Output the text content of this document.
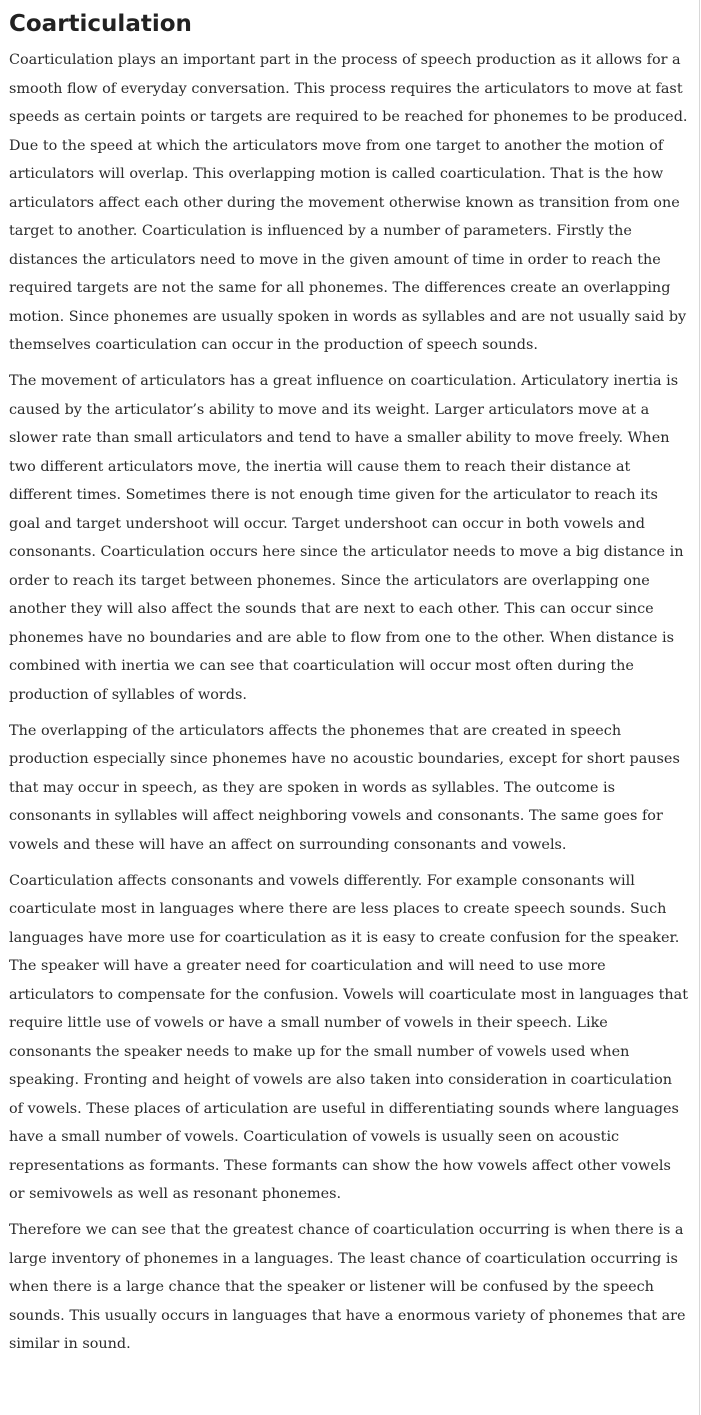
Coarticulation

Coarticulation plays an important part in the process of speech production as it allows for a smooth flow of everyday conversation. This process requires the articulators to move at fast speeds as certain points or targets are required to be reached for phonemes to be produced. Due to the speed at which the articulators move from one target to another the motion of articulators will overlap. This overlapping motion is called coarticulation. That is the how articulators affect each other during the movement otherwise known as transition from one target to another. Coarticulation is influenced by a number of parameters. Firstly the distances the articulators need to move in the given amount of time in order to reach the required targets are not the same for all phonemes. The differences create an overlapping motion. Since phonemes are usually spoken in words as syllables and are not usually said by themselves coarticulation can occur in the production of speech sounds.

The movement of articulators has a great influence on coarticulation. Articulatory inertia is caused by the articulator’s ability to move and its weight. Larger articulators move at a slower rate than small articulators and tend to have a smaller ability to move freely. When two different articulators move, the inertia will cause them to reach their distance at different times. Sometimes there is not enough time given for the articulator to reach its goal and target undershoot will occur. Target undershoot can occur in both vowels and consonants. Coarticulation occurs here since the articulator needs to move a big distance in order to reach its target between phonemes. Since the articulators are overlapping one another they will also affect the sounds that are next to each other. This can occur since phonemes have no boundaries and are able to flow from one to the other. When distance is combined with inertia we can see that coarticulation will occur most often during the production of syllables of words.

The overlapping of the articulators affects the phonemes that are created in speech production especially since phonemes have no acoustic boundaries, except for short pauses that may occur in speech, as they are spoken in words as syllables. The outcome is consonants in syllables will affect neighboring vowels and consonants. The same goes for vowels and these will have an affect on surrounding consonants and vowels.

Coarticulation affects consonants and vowels differently. For example consonants will coarticulate most in languages where there are less places to create speech sounds. Such languages have more use for coarticulation as it is easy to create confusion for the speaker. The speaker will have a greater need for coarticulation and will need to use more articulators to compensate for the confusion. Vowels will coarticulate most in languages that require little use of vowels or have a small number of vowels in their speech. Like consonants the speaker needs to make up for the small number of vowels used when speaking. Fronting and height of vowels are also taken into consideration in coarticulation of vowels. These places of articulation are useful in differentiating sounds where languages have a small number of vowels. Coarticulation of vowels is usually seen on acoustic representations as formants. These formants can show the how vowels affect other vowels or semivowels as well as resonant phonemes.

Therefore we can see that the greatest chance of coarticulation occurring is when there is a large inventory of phonemes in a languages. The least chance of coarticulation occurring is when there is a large chance that the speaker or listener will be confused by the speech sounds. This usually occurs in languages that have a enormous variety of phonemes that are similar in sound.
